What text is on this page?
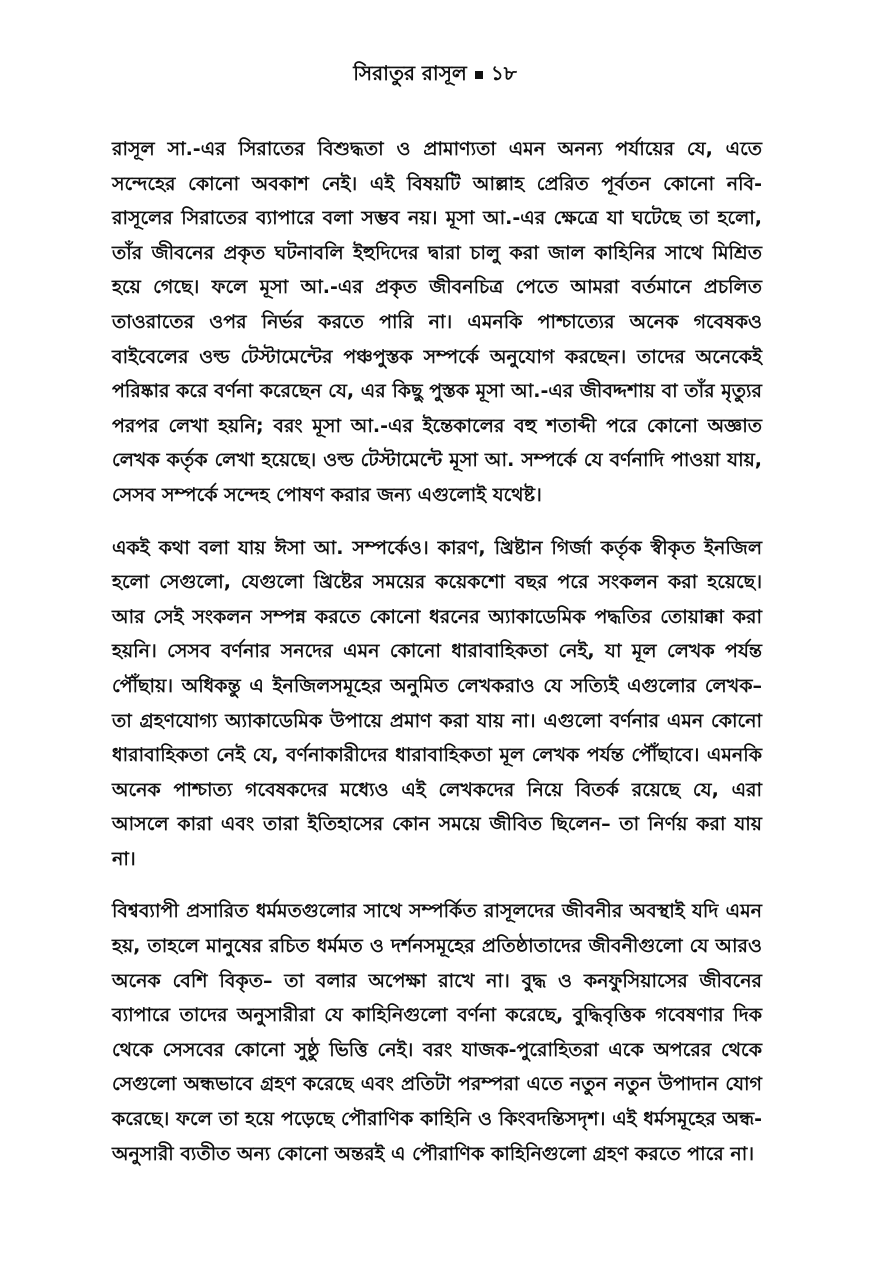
সিরাতুর রাসূল ১৮

রাসূল সা.-এর সিরাতের বিশুদ্ধতা ও প্রামাণ্যতা এমন অনন্য পর্যায়ের যে, এতে সন্দেহের কোনো অবকাশ নেই। এই বিষয়টি আল্লাহ প্রেরিত পূর্বতন কোনো নবি-রাসূলের সিরাতের ব্যাপারে বলা সম্ভব নয়। মূসা আ.-এর ক্ষেত্রে যা ঘটেছে তা হলো, তাঁর জীবনের প্রকৃত ঘটনাবলি ইহুদিদের দ্বারা চালু করা জাল কাহিনির সাথে মিশ্রিত হয়ে গেছে। ফলে মূসা আ.-এর প্রকৃত জীবনচিত্র পেতে আমরা বর্তমানে প্রচলিত তাওরাতের ওপর নির্ভর করতে পারি না। এমনকি পাশ্চাত্যের অনেক গবেষকও বাইবেলের ওল্ড টেস্টামেন্টের পঞ্চপুস্তক সম্পর্কে অনুযোগ করছেন। তাদের অনেকেই পরিষ্কার করে বর্ণনা করেছেন যে, এর কিছু পুস্তক মূসা আ.-এর জীবদ্দশায় বা তাঁর মৃত্যুর পরপর লেখা হয়নি; বরং মূসা আ.-এর ইন্তেকালের বহু শতাব্দী পরে কোনো অজ্ঞাত লেখক কর্তৃক লেখা হয়েছে। ওল্ড টেস্টামেন্টে মূসা আ. সম্পর্কে যে বর্ণনাদি পাওয়া যায়, সেসব সম্পর্কে সন্দেহ পোষণ করার জন্য এগুলোই যথেষ্ট।

একই কথা বলা যায় ঈসা আ. সম্পর্কেও। কারণ, খ্রিষ্টান গির্জা কর্তৃক স্বীকৃত ইনজিল হলো সেগুলো, যেগুলো খ্রিষ্টের সময়ের কয়েকশো বছর পরে সংকলন করা হয়েছে। আর সেই সংকলন সম্পন্ন করতে কোনো ধরনের অ্যাকাডেমিক পদ্ধতির তোয়াক্কা করা হয়নি। সেসব বর্ণনার সনদের এমন কোনো ধারাবাহিকতা নেই, যা মূল লেখক পর্যন্ত পৌঁছায়। অধিকন্তু এ ইনজিলসমূহের অনুমিত লেখকরাও যে সত্যিই এগুলোর লেখক– তা গ্রহণযোগ্য অ্যাকাডেমিক উপায়ে প্রমাণ করা যায় না। এগুলো বর্ণনার এমন কোনো ধারাবাহিকতা নেই যে, বর্ণনাকারীদের ধারাবাহিকতা মূল লেখক পর্যন্ত পৌঁছাবে। এমনকি অনেক পাশ্চাত্য গবেষকদের মধ্যেও এই লেখকদের নিয়ে বিতর্ক রয়েছে যে, এরা আসলে কারা এবং তারা ইতিহাসের কোন সময়ে জীবিত ছিলেন– তা নির্ণয় করা যায় না।

বিশ্বব্যাপী প্রসারিত ধর্মমতগুলোর সাথে সম্পর্কিত রাসূলদের জীবনীর অবস্থাই যদি এমন হয়, তাহলে মানুষের রচিত ধর্মমত ও দর্শনসমূহের প্রতিষ্ঠাতাদের জীবনীগুলো যে আরও অনেক বেশি বিকৃত– তা বলার অপেক্ষা রাখে না। বুদ্ধ ও কনফুসিয়াসের জীবনের ব্যাপারে তাদের অনুসারীরা যে কাহিনিগুলো বর্ণনা করেছে, বুদ্ধিবৃত্তিক গবেষণার দিক থেকে সেসবের কোনো সুষ্ঠু ভিত্তি নেই। বরং যাজক-পুরোহিতরা একে অপরের থেকে সেগুলো অন্ধভাবে গ্রহণ করেছে এবং প্রতিটা পরম্পরা এতে নতুন নতুন উপাদান যোগ করেছে। ফলে তা হয়ে পড়েছে পৌরাণিক কাহিনি ও কিংবদন্তিসদৃশ। এই ধর্মসমূহের অন্ধ-অনুসারী ব্যতীত অন্য কোনো অন্তরই এ পৌরাণিক কাহিনিগুলো গ্রহণ করতে পারে না।
